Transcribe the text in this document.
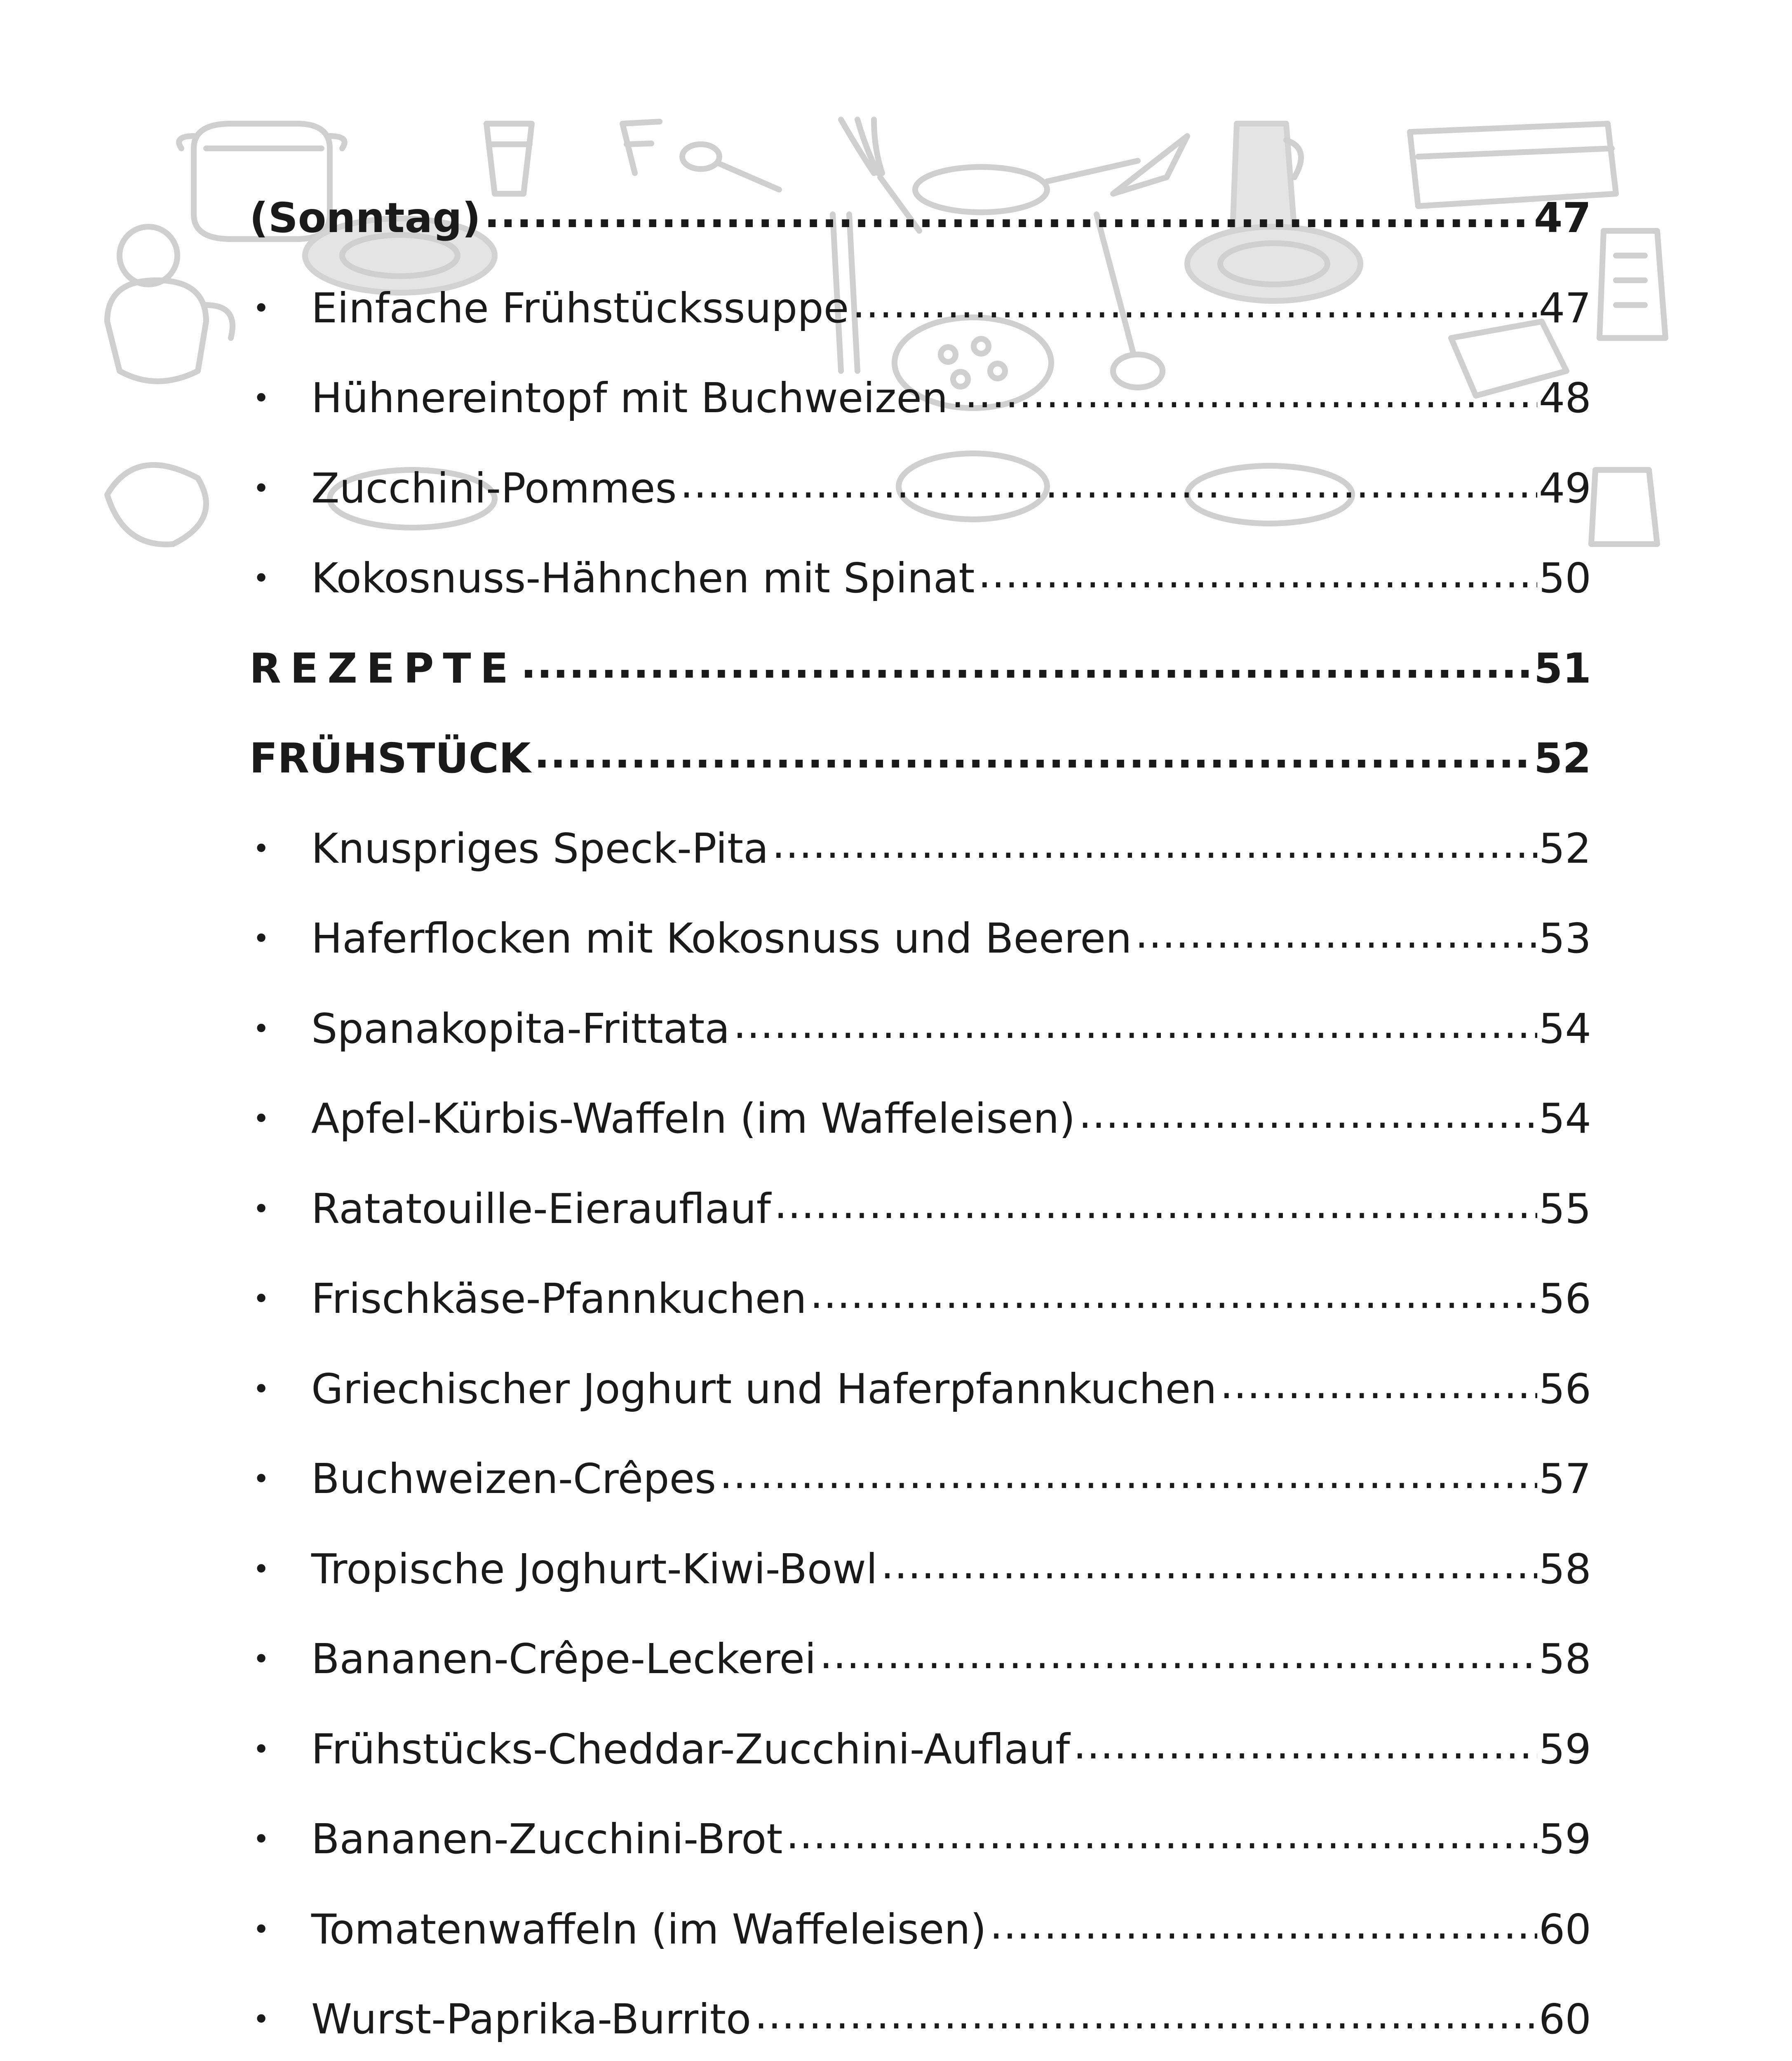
(Sonntag) .....	47
•	Einfache Frühstückssuppe .....	47
•	Hühnereintopf mit Buchweizen .....	48
•	Zucchini-Pommes .....	49
•	Kokosnuss-Hähnchen mit Spinat .....	50
REZEPTE .....	51
FRÜHSTÜCK .....	52
•	Knuspriges Speck-Pita .....	52
•	Haferflocken mit Kokosnuss und Beeren .....	53
•	Spanakopita-Frittata .....	54
•	Apfel-Kürbis-Waffeln (im Waffeleisen) .....	54
•	Ratatouille-Eierauflauf .....	55
•	Frischkäse-Pfannkuchen .....	56
•	Griechischer Joghurt und Haferpfannkuchen .....	56
•	Buchweizen-Crêpes .....	57
•	Tropische Joghurt-Kiwi-Bowl .....	58
•	Bananen-Crêpe-Leckerei .....	58
•	Frühstücks-Cheddar-Zucchini-Auflauf .....	59
•	Bananen-Zucchini-Brot .....	59
•	Tomatenwaffeln (im Waffeleisen) .....	60
•	Wurst-Paprika-Burrito .....	60
